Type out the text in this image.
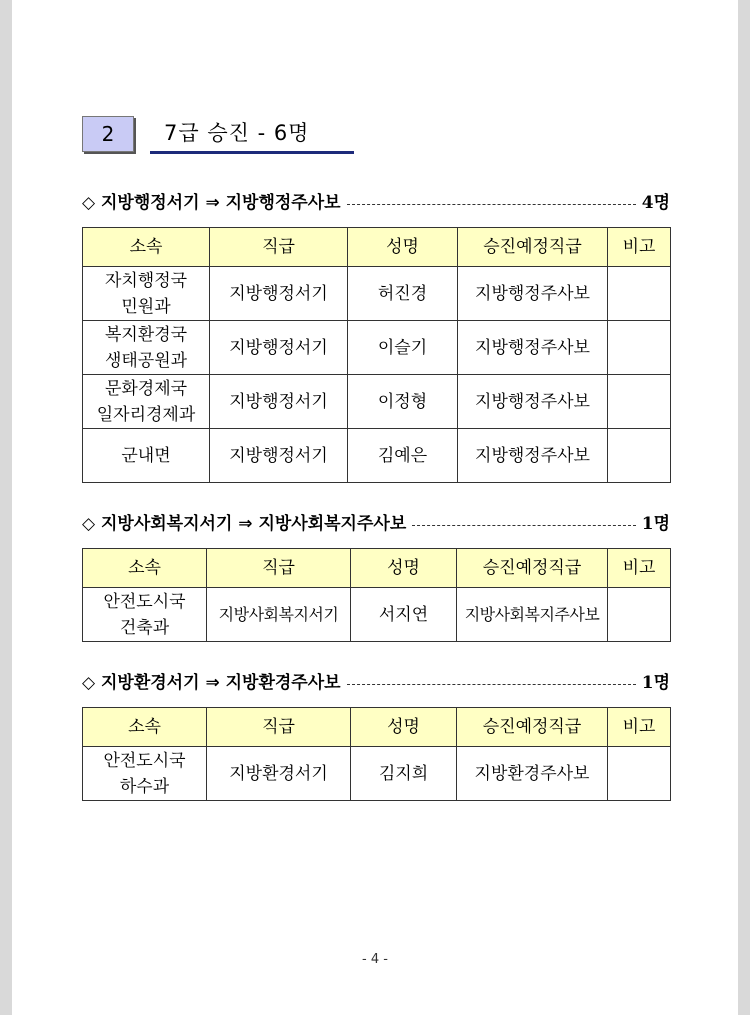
2	7급 승진 - 6명
◇ 지방행정서기 ⇒ 지방행정주사보	4명
소속	직급	성명	승진예정직급	비고
자치행정국
민원과	지방행정서기	허진경	지방행정주사보	
복지환경국
생태공원과	지방행정서기	이슬기	지방행정주사보	
문화경제국
일자리경제과	지방행정서기	이정형	지방행정주사보	
군내면	지방행정서기	김예은	지방행정주사보	
◇ 지방사회복지서기 ⇒ 지방사회복지주사보	1명
소속	직급	성명	승진예정직급	비고
안전도시국
건축과	지방사회복지서기	서지연	지방사회복지주사보	
◇ 지방환경서기 ⇒ 지방환경주사보	1명
소속	직급	성명	승진예정직급	비고
안전도시국
하수과	지방환경서기	김지희	지방환경주사보	
- 4 -
